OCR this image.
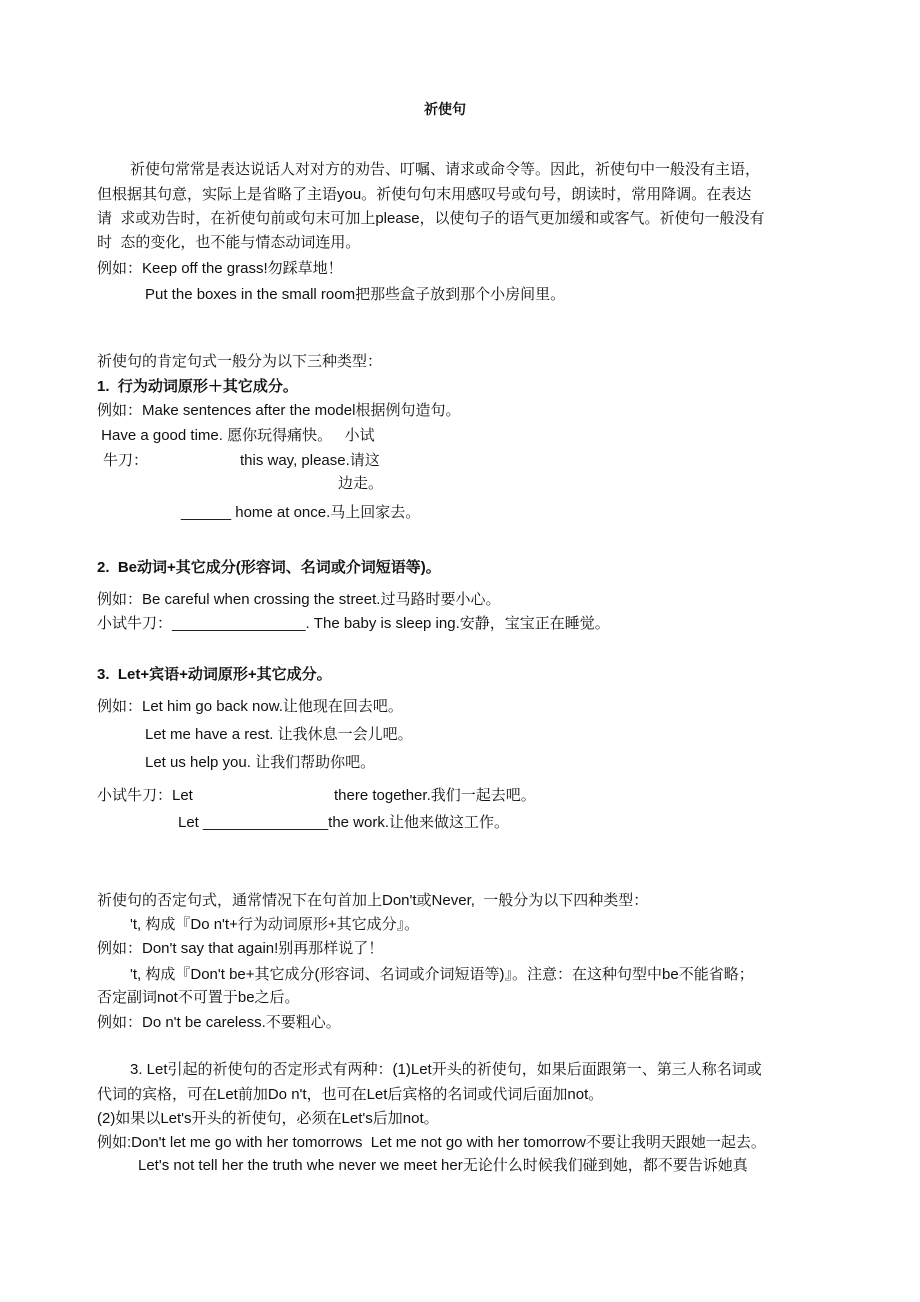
祈使句
祈使句常常是表达说话人对对方的劝告、叮嘱、请求或命令等。因此，祈使句中一般没有主语，
但根据其句意，实际上是省略了主语you。祈使句句末用感叹号或句号，朗读时，常用降调。在表达
请  求或劝告时，在祈使句前或句末可加上please，以使句子的语气更加缓和或客气。祈使句一般没有
时  态的变化，也不能与情态动词连用。
例如：Keep off the grass!勿踩草地！
Put the boxes in the small room把那些盒子放到那个小房间里。
祈使句的肯定句式一般分为以下三种类型：
1.  行为动词原形＋其它成分。
例如：Make sentences after the model根据例句造句。
Have a good time. 愿你玩得痛快。   小试
牛刀：	this way, please.请这
边走。
______ home at once.马上回家去。
2.  Be动词+其它成分(形容词、名词或介词短语等)。
例如：Be careful when crossing the street.过马路时要小心。
小试牛刀：________________. The baby is sleep ing.安静，宝宝正在睡觉。
3.  Let+宾语+动词原形+其它成分。
例如：Let him go back now.让他现在回去吧。
Let me have a rest. 让我休息一会儿吧。
Let us help you. 让我们帮助你吧。
小试牛刀：Let	there together.我们一起去吧。
Let _______________the work.让他来做这工作。
祈使句的否定句式，通常情况下在句首加上Don't或Never,  一般分为以下四种类型：
't, 构成『Do n't+行为动词原形+其它成分』。
例如：Don't say that again!别再那样说了！
't, 构成『Don't be+其它成分(形容词、名词或介词短语等)』。注意：在这种句型中be不能省略；
否定副词not不可置于be之后。
例如：Do n't be careless.不要粗心。
3. Let引起的祈使句的否定形式有两种：(1)Let开头的祈使句，如果后面跟第一、第三人称名词或
代词的宾格，可在Let前加Do n't，也可在Let后宾格的名词或代词后面加not。
(2)如果以Let's开头的祈使句，必须在Let's后加not。
例如:Don't let me go with her tomorrows  Let me not go with her tomorrow不要让我明天跟她一起去。
Let's not tell her the truth whe never we meet her无论什么时候我们碰到她，都不要告诉她真
